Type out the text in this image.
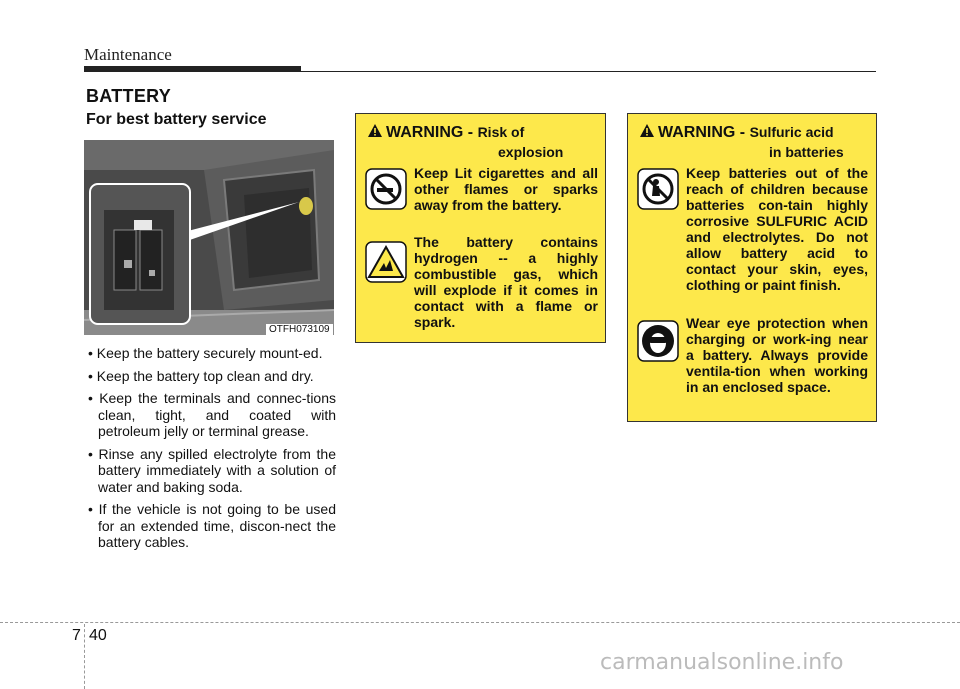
Maintenance
BATTERY
For best battery service
OTFH073109
• Keep the battery securely mount-ed.
• Keep the battery top clean and dry.
• Keep the terminals and connec-tions clean, tight, and coated with petroleum jelly or terminal grease.
• Rinse any spilled electrolyte from the battery immediately with a solution of water and baking soda.
• If the vehicle is not going to be used for an extended time, discon-nect the battery cables.
WARNING - Risk of
explosion

Keep Lit cigarettes and all other flames or sparks away from the battery.

The battery contains hydrogen -- a highly combustible gas, which will explode if it comes in contact with a flame or spark.

WARNING - Sulfuric acid
in batteries

Keep batteries out of the reach of children because batteries con-tain highly corrosive SULFURIC ACID and electrolytes. Do not allow battery acid to contact your skin, eyes, clothing or paint finish.

Wear eye protection when charging or work-ing near a battery. Always provide ventila-tion when working in an enclosed space.

7 40
carmanualsonline.info
